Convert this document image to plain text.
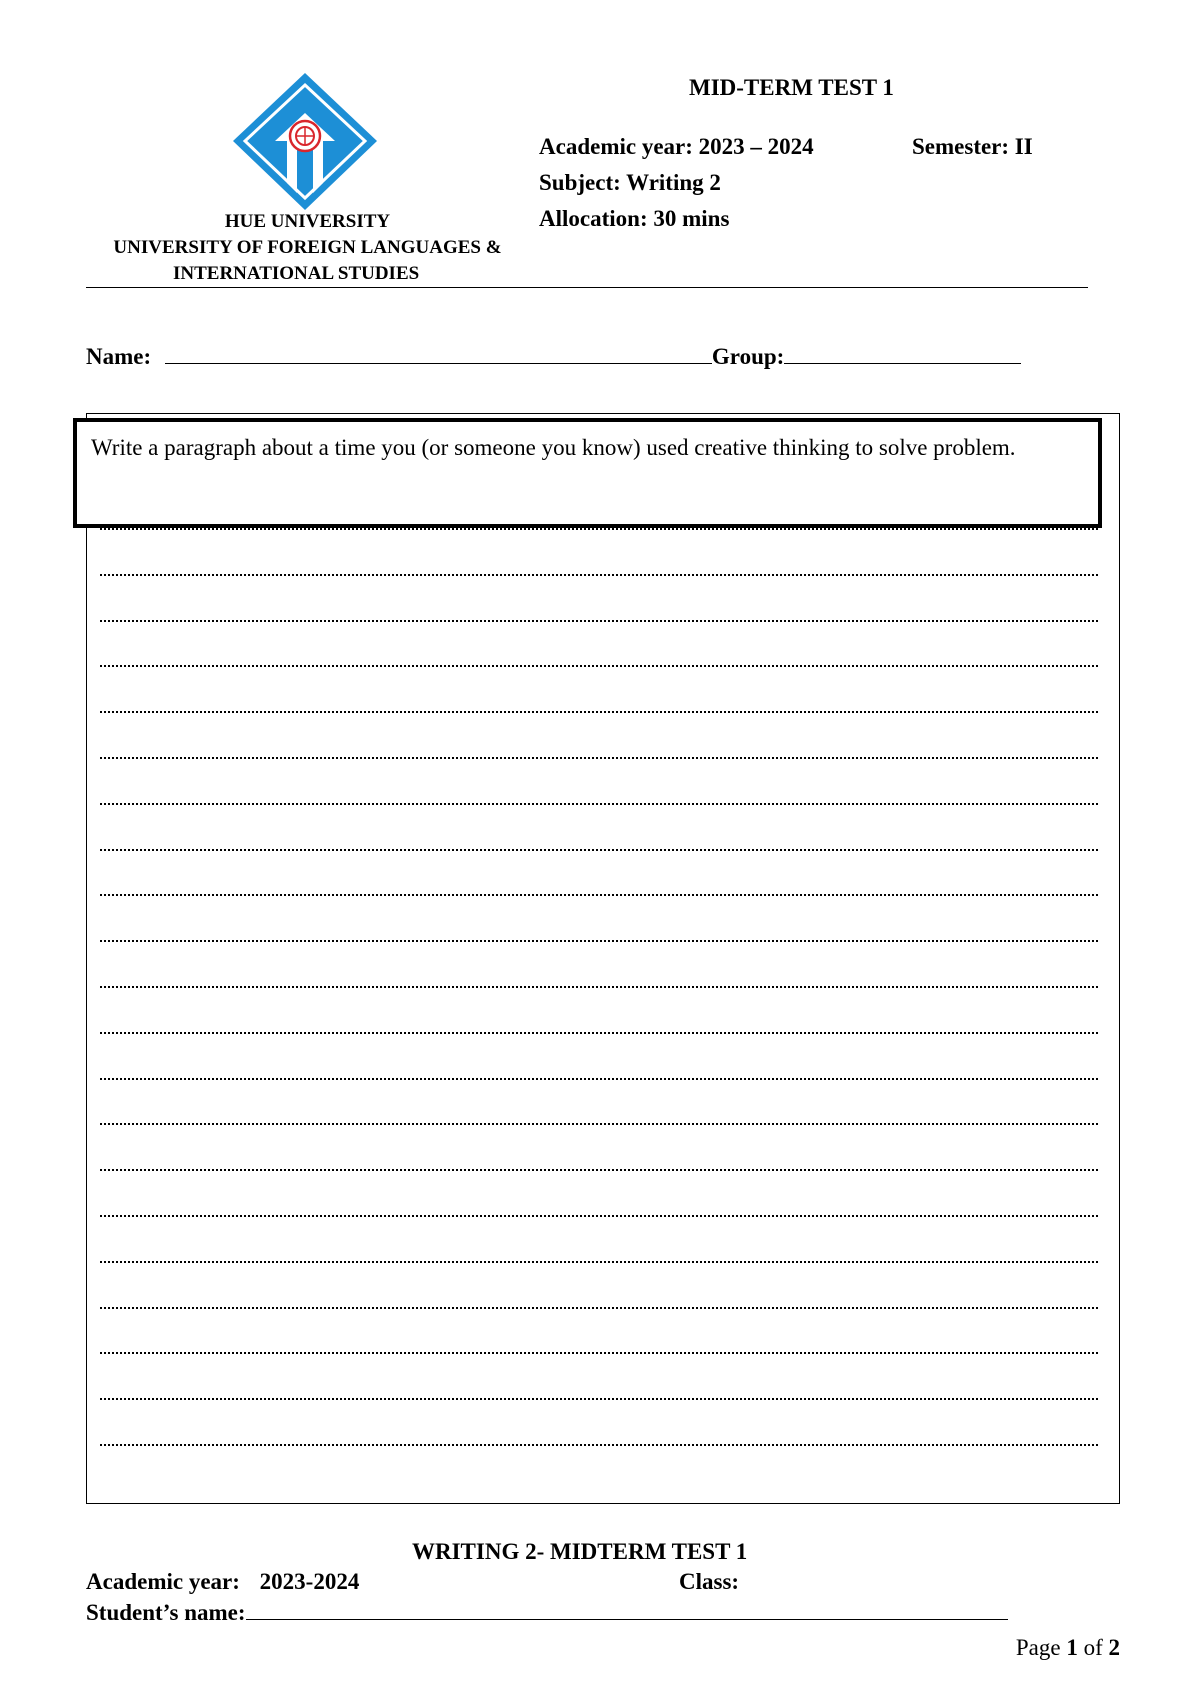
HUE UNIVERSITY
UNIVERSITY OF FOREIGN LANGUAGES &
INTERNATIONAL STUDIES
MID-TERM TEST 1
Academic year: 2023 – 2024	Semester: II
Subject: Writing 2
Allocation: 30 mins
Name:	Group:
Write a paragraph about a time you (or someone you know) used creative thinking to solve problem.
WRITING 2- MIDTERM TEST 1
Academic year: 2023-2024	Class:
Student’s name:
Page 1 of 2
